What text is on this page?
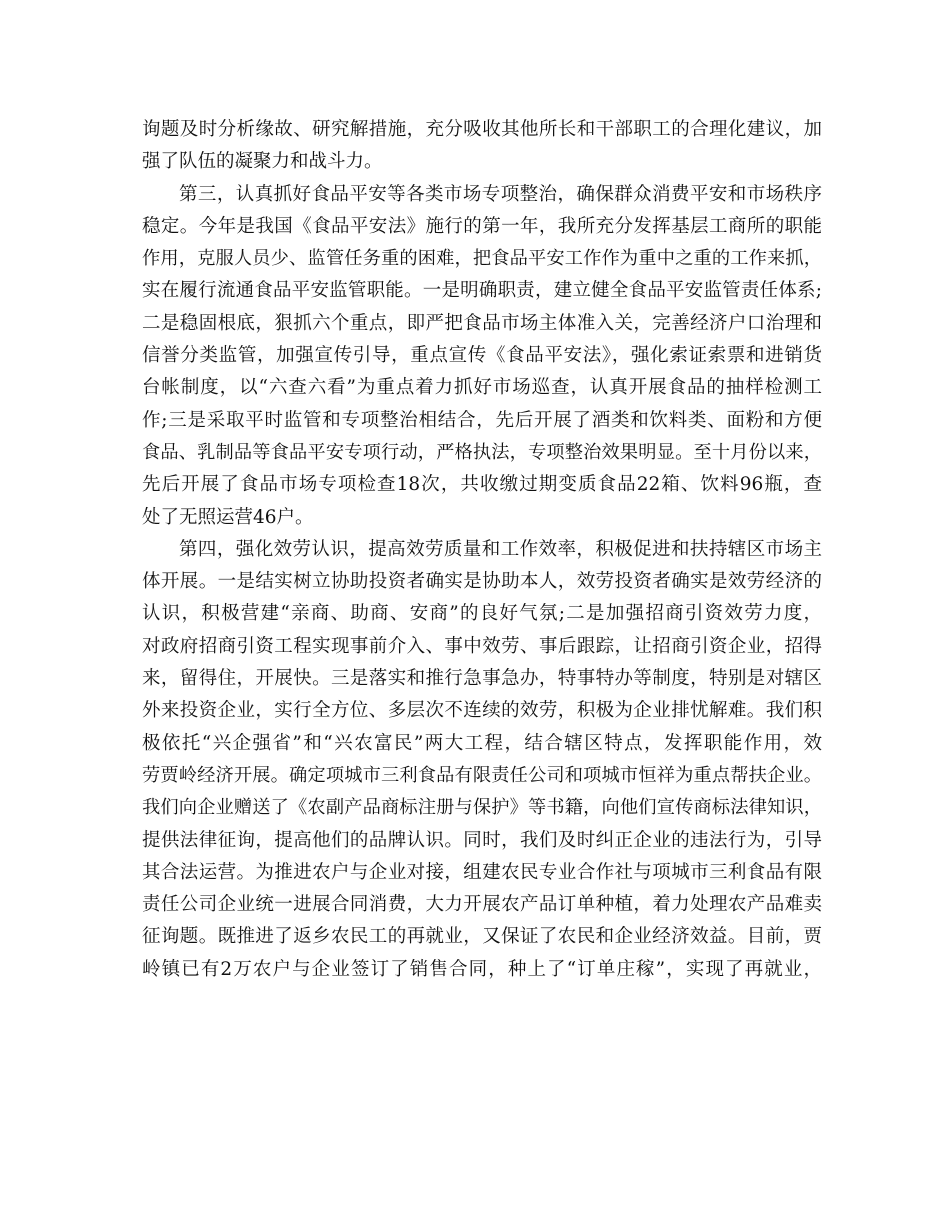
询题及时分析缘故、研究解措施，充分吸收其他所长和干部职工的合理化建议，加
强了队伍的凝聚力和战斗力。
第三，认真抓好食品平安等各类市场专项整治，确保群众消费平安和市场秩序
稳定。今年是我国《食品平安法》施行的第一年，我所充分发挥基层工商所的职能
作用，克服人员少、监管任务重的困难，把食品平安工作作为重中之重的工作来抓，
实在履行流通食品平安监管职能。一是明确职责，建立健全食品平安监管责任体系;
二是稳固根底，狠抓六个重点，即严把食品市场主体准入关，完善经济户口治理和
信誉分类监管，加强宣传引导，重点宣传《食品平安法》，强化索证索票和进销货
台帐制度，以“六查六看”为重点着力抓好市场巡查，认真开展食品的抽样检测工
作;三是采取平时监管和专项整治相结合，先后开展了酒类和饮料类、面粉和方便
食品、乳制品等食品平安专项行动，严格执法，专项整治效果明显。至十月份以来，
先后开展了食品市场专项检查18次，共收缴过期变质食品22箱、饮料96瓶，查
处了无照运营46户。
第四，强化效劳认识，提高效劳质量和工作效率，积极促进和扶持辖区市场主
体开展。一是结实树立协助投资者确实是协助本人，效劳投资者确实是效劳经济的
认识，积极营建“亲商、助商、安商”的良好气氛;二是加强招商引资效劳力度，
对政府招商引资工程实现事前介入、事中效劳、事后跟踪，让招商引资企业，招得
来，留得住，开展快。三是落实和推行急事急办，特事特办等制度，特别是对辖区
外来投资企业，实行全方位、多层次不连续的效劳，积极为企业排忧解难。我们积
极依托“兴企强省”和“兴农富民”两大工程，结合辖区特点，发挥职能作用，效
劳贾岭经济开展。确定项城市三利食品有限责任公司和项城市恒祥为重点帮扶企业。
我们向企业赠送了《农副产品商标注册与保护》等书籍，向他们宣传商标法律知识，
提供法律征询，提高他们的品牌认识。同时，我们及时纠正企业的违法行为，引导
其合法运营。为推进农户与企业对接，组建农民专业合作社与项城市三利食品有限
责任公司企业统一进展合同消费，大力开展农产品订单种植，着力处理农产品难卖
征询题。既推进了返乡农民工的再就业，又保证了农民和企业经济效益。目前，贾
岭镇已有2万农户与企业签订了销售合同，种上了“订单庄稼”，实现了再就业，
